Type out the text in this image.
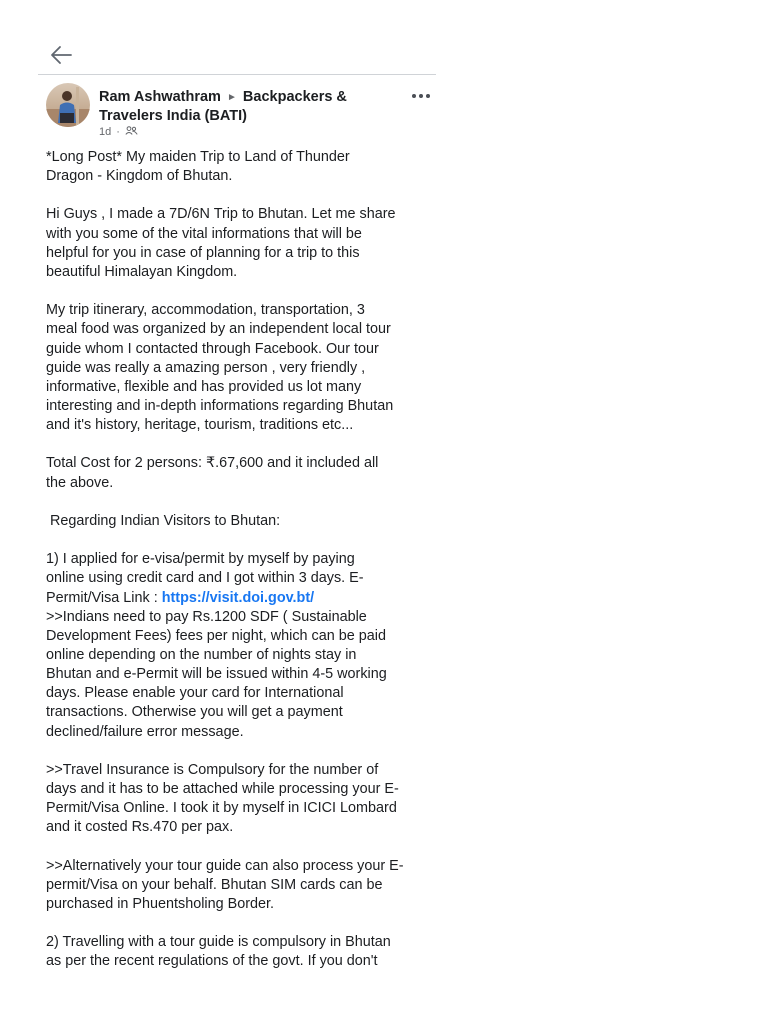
Ram Ashwathram ► Backpackers &
Travelers India (BATI)
1d ·

*Long Post* My maiden Trip to Land of Thunder
Dragon - Kingdom of Bhutan.

Hi Guys , I made a 7D/6N Trip to Bhutan. Let me share
with you some of the vital informations that will be
helpful for you in case of planning for a trip to this
beautiful Himalayan Kingdom.

My trip itinerary, accommodation, transportation, 3
meal food was organized by an independent local tour
guide whom I contacted through Facebook. Our tour
guide was really a amazing person , very friendly ,
informative, flexible and has provided us lot many
interesting and in-depth informations regarding Bhutan
and it's history, heritage, tourism, traditions etc...

Total Cost for 2 persons: ₹.67,600 and it included all
the above.

Regarding Indian Visitors to Bhutan:

1) I applied for e-visa/permit by myself by paying
online using credit card and I got within 3 days. E-
Permit/Visa Link : https://visit.doi.gov.bt/
>>Indians need to pay Rs.1200 SDF ( Sustainable
Development Fees) fees per night, which can be paid
online depending on the number of nights stay in
Bhutan and e-Permit will be issued within 4-5 working
days. Please enable your card for International
transactions. Otherwise you will get a payment
declined/failure error message.

>>Travel Insurance is Compulsory for the number of
days and it has to be attached while processing your E-
Permit/Visa Online. I took it by myself in ICICI Lombard
and it costed Rs.470 per pax.

>>Alternatively your tour guide can also process your E-
permit/Visa on your behalf. Bhutan SIM cards can be
purchased in Phuentsholing Border.

2) Travelling with a tour guide is compulsory in Bhutan
as per the recent regulations of the govt. If you don't
